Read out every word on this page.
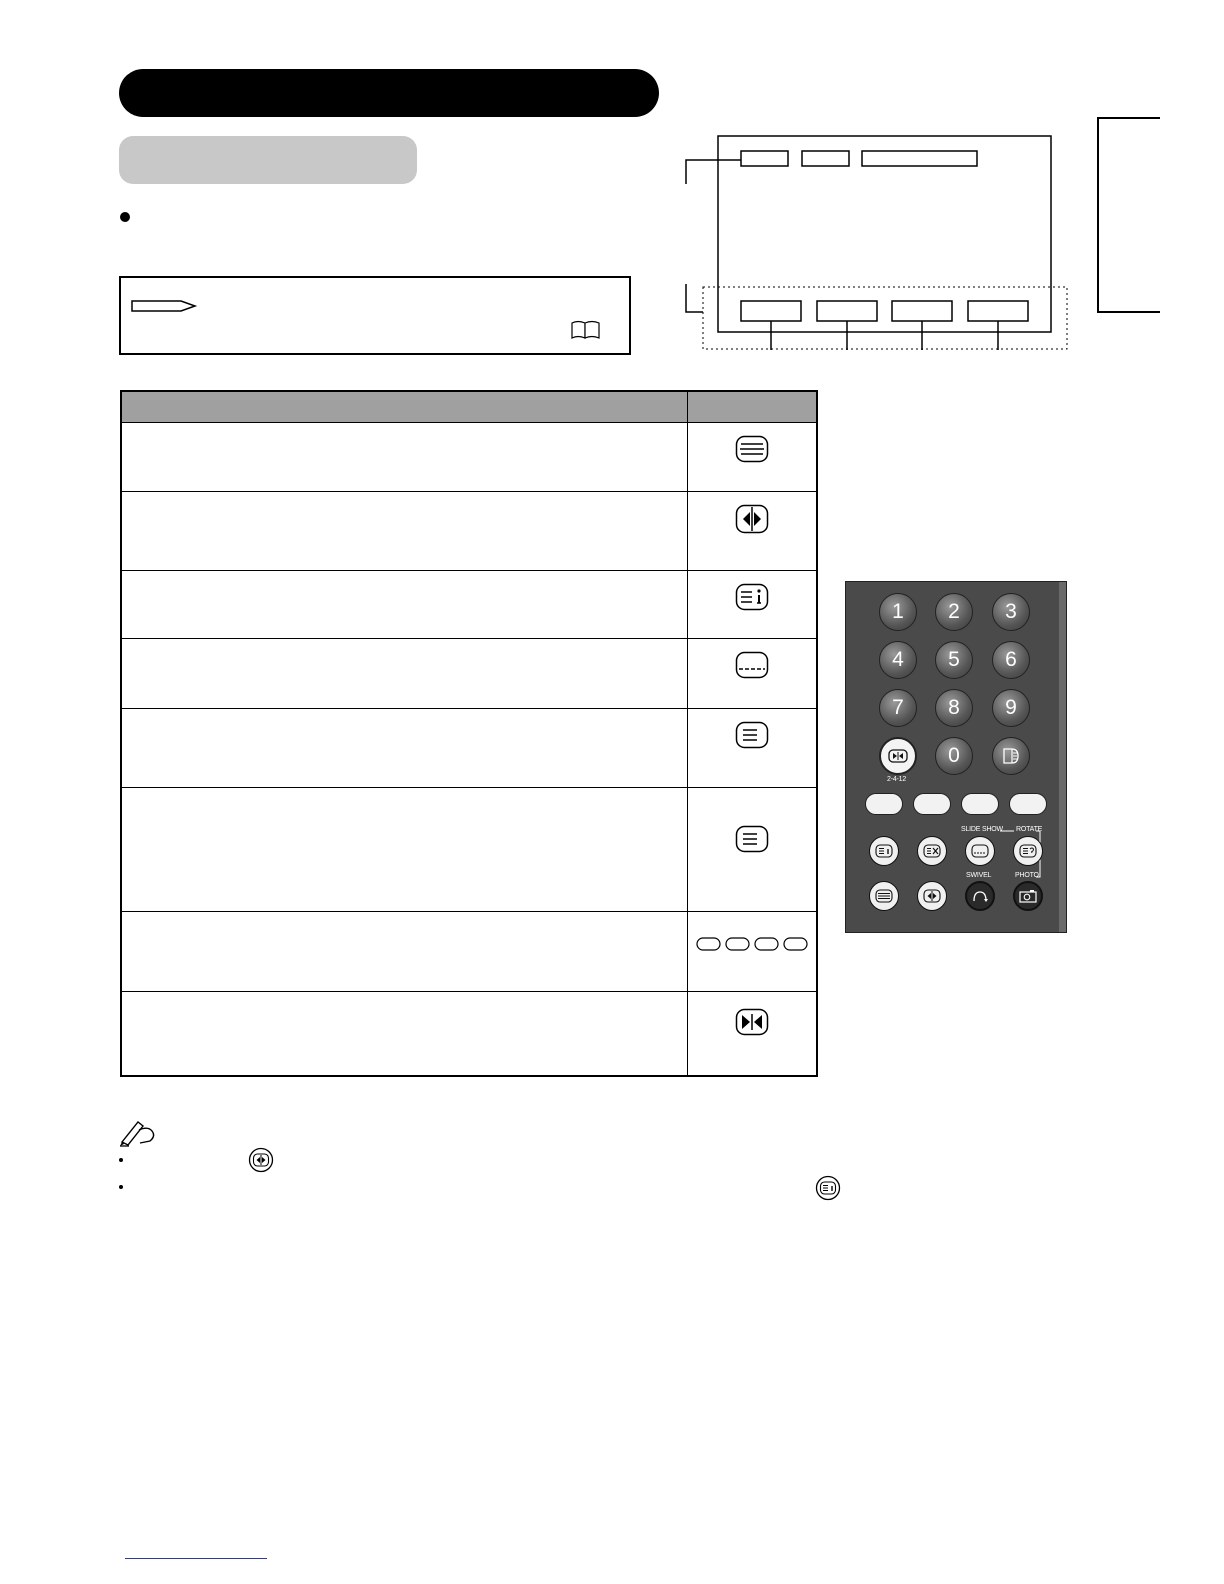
1	2	3
4	5	6
7	8	9
2-4-12
0
SLIDE SHOW ROTATE
SWIVEL	PHOTO
